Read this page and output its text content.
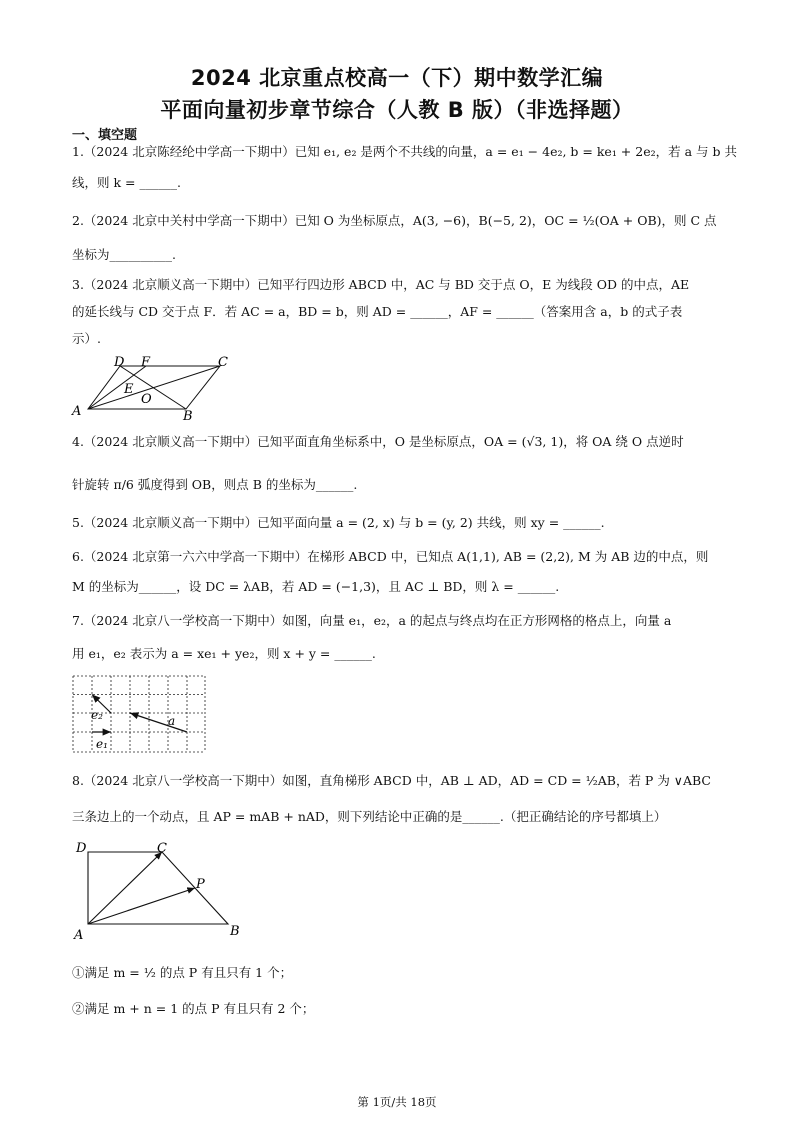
2024 北京重点校高一（下）期中数学汇编
平面向量初步章节综合（人教 B 版）（非选择题）
一、填空题
1.（2024 北京陈经纶中学高一下期中）已知 e₁, e₂ 是两个不共线的向量，a = e₁ − 4e₂, b = ke₁ + 2e₂，若 a 与 b 共
线，则 k = ______.
2.（2024 北京中关村中学高一下期中）已知 O 为坐标原点，A(3, −6)，B(−5, 2)，OC = ½(OA + OB)，则 C 点
坐标为__________.
3.（2024 北京顺义高一下期中）已知平行四边形 ABCD 中，AC 与 BD 交于点 O，E 为线段 OD 的中点，AE
的延长线与 CD 交于点 F．若 AC = a，BD = b，则 AD = ______，AF = ______（答案用含 a，b 的式子表
示）.
D F	C
E
O
A	B
4.（2024 北京顺义高一下期中）已知平面直角坐标系中，O 是坐标原点，OA = (√3, 1)，将 OA 绕 O 点逆时
针旋转 π/6 弧度得到 OB，则点 B 的坐标为______.
5.（2024 北京顺义高一下期中）已知平面向量 a = (2, x) 与 b = (y, 2) 共线，则 xy = ______.
6.（2024 北京第一六六中学高一下期中）在梯形 ABCD 中，已知点 A(1,1), AB = (2,2), M 为 AB 边的中点，则
M 的坐标为______，设 DC = λAB，若 AD = (−1,3)，且 AC ⊥ BD，则 λ = ______.
7.（2024 北京八一学校高一下期中）如图，向量 e₁，e₂，a 的起点与终点均在正方形网格的格点上，向量 a
用 e₁，e₂ 表示为 a = xe₁ + ye₂，则 x + y = ______.
e₂	a
e₁
8.（2024 北京八一学校高一下期中）如图，直角梯形 ABCD 中，AB ⊥ AD，AD = CD = ½AB，若 P 为 ∨ABC
三条边上的一个动点，且 AP = mAB + nAD，则下列结论中正确的是______.（把正确结论的序号都填上）
D	C
P
A	B
①满足 m = ½ 的点 P 有且只有 1 个；
②满足 m + n = 1 的点 P 有且只有 2 个；
第 1页/共 18页
